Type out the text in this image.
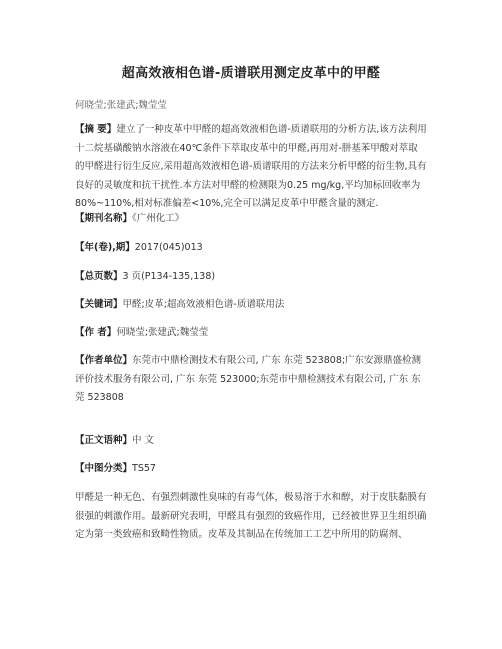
超高效液相色谱-质谱联用测定皮革中的甲醛
何晓莹;张建武;魏莹莹
【摘 要】建立了一种皮革中甲醛的超高效液相色谱-质谱联用的分析方法,该方法利用十二烷基磺酸钠水溶液在40℃条件下萃取皮革中的甲醛,再用对-肼基苯甲酸对萃取的甲醛进行衍生反应,采用超高效液相色谱-质谱联用的方法来分析甲醛的衍生物,具有良好的灵敏度和抗干扰性.本方法对甲醛的检测限为0.25 mg/kg,平均加标回收率为80%~110%,相对标准偏差<10%,完全可以满足皮革中甲醛含量的测定.
【期刊名称】《广州化工》
【年(卷),期】2017(045)013
【总页数】3 页(P134-135,138)
【关键词】甲醛;皮革;超高效液相色谱-质谱联用法
【作 者】何晓莹;张建武;魏莹莹
【作者单位】东莞市中鼎检测技术有限公司, 广东 东莞 523808;广东安源鼎盛检测评价技术服务有限公司, 广东 东莞 523000;东莞市中鼎检测技术有限公司, 广东 东莞 523808
【正文语种】中 文
【中图分类】TS57
甲醛是一种无色、有强烈刺激性臭味的有毒气体，极易溶于水和醇，对于皮肤黏膜有很强的刺激作用。最新研究表明，甲醛具有强烈的致癌作用，已经被世界卫生组织确定为第一类致癌和致畸性物质。皮革及其制品在传统加工工艺中所用的防腐剂、
